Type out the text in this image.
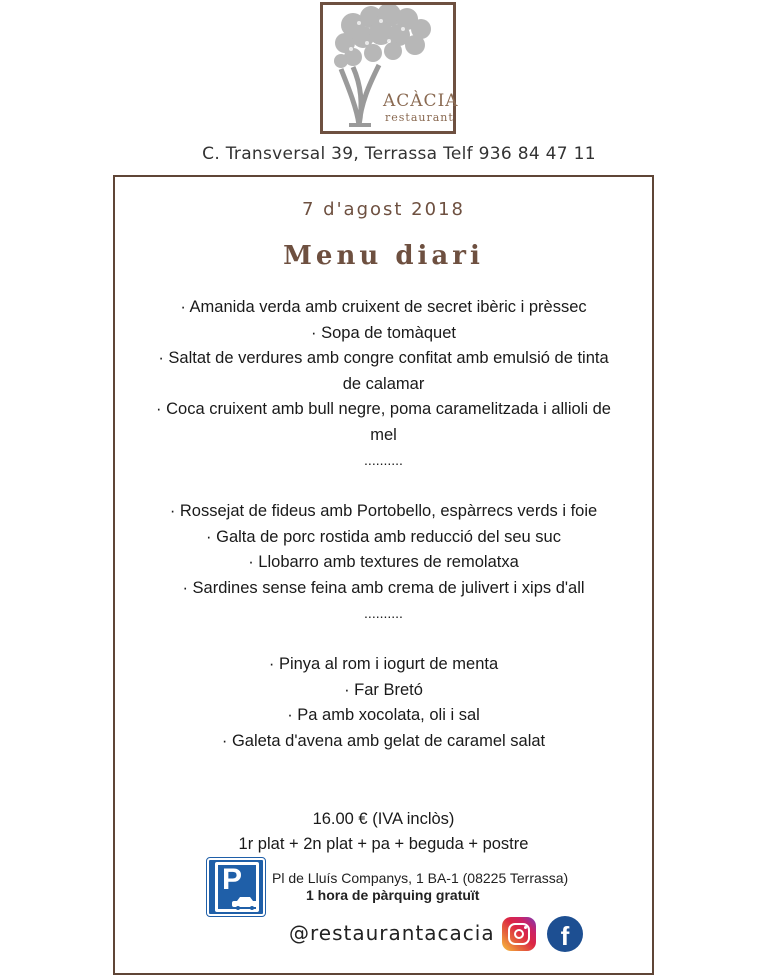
ACÀCIA
restaurant
C. Transversal 39, Terrassa Telf 936 84 47 11
7 d'agost 2018
Menu diari
· Amanida verda amb cruixent de secret ibèric i prèssec
· Sopa de tomàquet
· Saltat de verdures amb congre confitat amb emulsió de tinta
de calamar
· Coca cruixent amb bull negre, poma caramelitzada i allioli de
mel
..........
· Rossejat de fideus amb Portobello, espàrrecs verds i foie
· Galta de porc rostida amb reducció del seu suc
· Llobarro amb textures de remolatxa
· Sardines sense feina amb crema de julivert i xips d'all
..........
· Pinya al rom i iogurt de menta
· Far Bretó
· Pa amb xocolata, oli i sal
· Galeta d'avena amb gelat de caramel salat
16.00 € (IVA inclòs)
1r plat + 2n plat + pa + beguda + postre
P	Pl de Lluís Companys, 1 BA-1 (08225 Terrassa)
1 hora de pàrquing gratuït
@restaurantacacia	f
